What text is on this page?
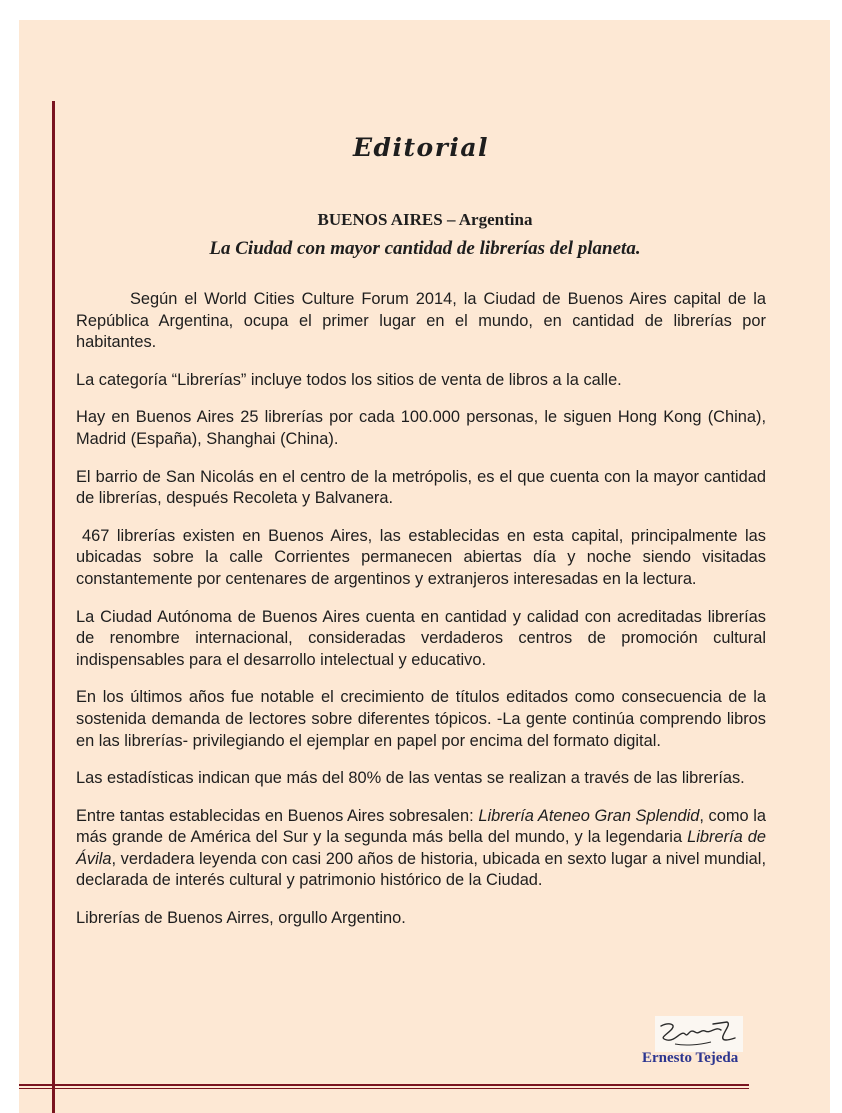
Editorial
BUENOS AIRES – Argentina
La Ciudad con mayor cantidad de librerías del planeta.

Según el World Cities Culture Forum 2014, la Ciudad de Buenos Aires capital de la República Argentina, ocupa el primer lugar en el mundo, en cantidad de librerías por habitantes.

La categoría “Librerías” incluye todos los sitios de venta de libros a la calle.

Hay en Buenos Aires 25 librerías por cada 100.000 personas, le siguen Hong Kong (China), Madrid (España), Shanghai (China).

El barrio de San Nicolás en el centro de la metrópolis, es el que cuenta con la mayor cantidad de librerías, después Recoleta y Balvanera.

467 librerías existen en Buenos Aires, las establecidas en esta capital, principalmente las ubicadas sobre la calle Corrientes permanecen abiertas día y noche siendo visitadas constantemente por centenares de argentinos y extranjeros interesadas en la lectura.

La Ciudad Autónoma de Buenos Aires cuenta en cantidad y calidad con acreditadas librerías de renombre internacional, consideradas verdaderos centros de promoción cultural indispensables para el desarrollo intelectual y educativo.

En los últimos años fue notable el crecimiento de títulos editados como consecuencia de la sostenida demanda de lectores sobre diferentes tópicos. -La gente continúa comprendo libros en las librerías- privilegiando el ejemplar en papel por encima del formato digital.

Las estadísticas indican que más del 80% de las ventas se realizan a través de las librerías.

Entre tantas establecidas en Buenos Aires sobresalen: Librería Ateneo Gran Splendid, como la más grande de América del Sur y la segunda más bella del mundo, y la legendaria Librería de Ávila, verdadera leyenda con casi 200 años de historia, ubicada en sexto lugar a nivel mundial, declarada de interés cultural y patrimonio histórico de la Ciudad.

Librerías de Buenos Airres, orgullo Argentino.

Ernesto Tejeda
